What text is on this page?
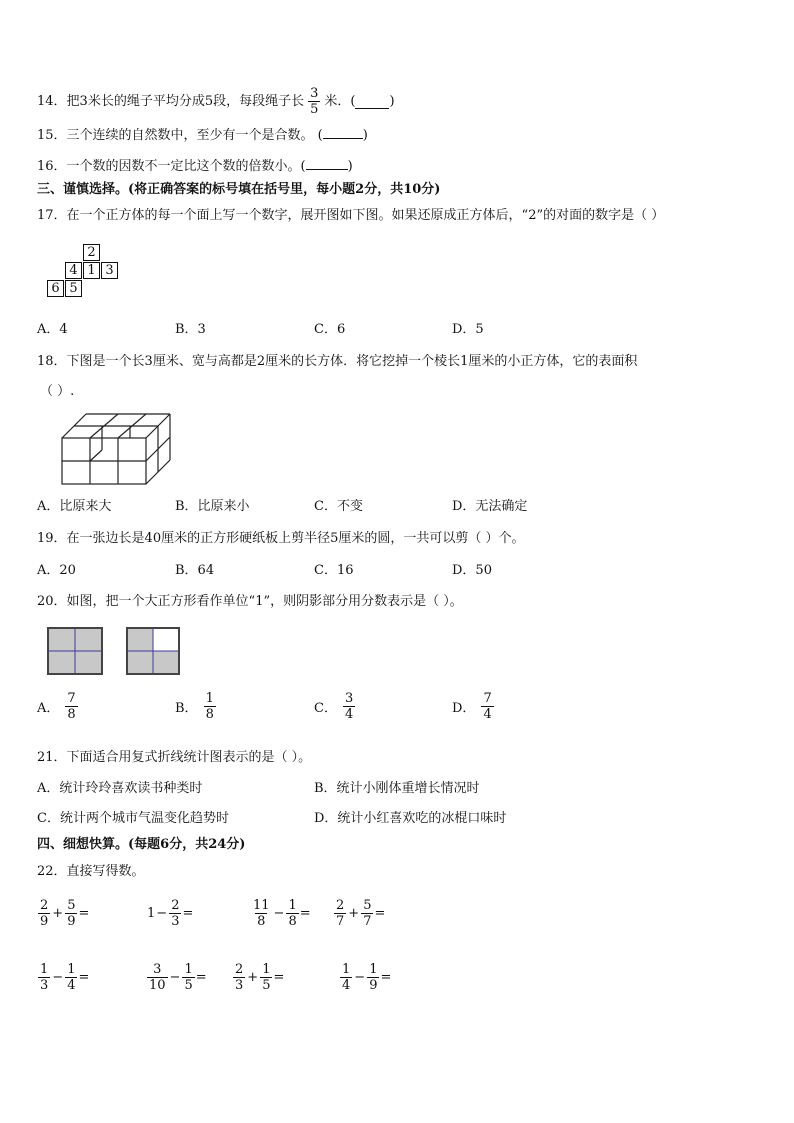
14．把3米长的绳子平均分成5段，每段绳子长 $\frac{3}{5}$ 米．(	)
15．三个连续的自然数中，至少有一个是合数。 (	)
16．一个数的因数不一定比这个数的倍数小。(	)
三、谨慎选择。(将正确答案的标号填在括号里，每小题2分，共10分)
17．在一个正方体的每一个面上写一个数字，展开图如下图。如果还原成正方体后，“2”的对面的数字是（ ）
2
4 1 3
6 5
A．4	B．3	C．6	D．5
18．下图是一个长3厘米、宽与高都是2厘米的长方体．将它挖掉一个棱长1厘米的小正方体，它的表面积
（ ）.
A．比原来大	B．比原来小	C．不变	D．无法确定
19．在一张边长是40厘米的正方形硬纸板上剪半径5厘米的圆，一共可以剪（ ）个。
A．20	B．64	C．16	D．50
20．如图，把一个大正方形看作单位“1”，则阴影部分用分数表示是（ ）。
A． $\frac{7}{8}$	B． $\frac{1}{8}$	C． $\frac{3}{4}$	D． $\frac{7}{4}$
21．下面适合用复式折线统计图表示的是（ ）。
A．统计玲玲喜欢读书种类时	B．统计小刚体重增长情况时
C．统计两个城市气温变化趋势时	D．统计小红喜欢吃的冰棍口味时
四、细想快算。(每题6分，共24分)
22．直接写得数。
$\frac{2}{9} + \frac{5}{9}$ =	$1 - \frac{2}{3}$ =	$\frac{11}{8} - \frac{1}{8} = \frac{2}{7} + \frac{5}{7}$ =
$\frac{1}{3} - \frac{1}{4}$ =	$\frac{3}{10} - \frac{1}{5} = \frac{2}{3} + \frac{1}{5}$ =	$\frac{1}{4} - \frac{1}{9}$ =
